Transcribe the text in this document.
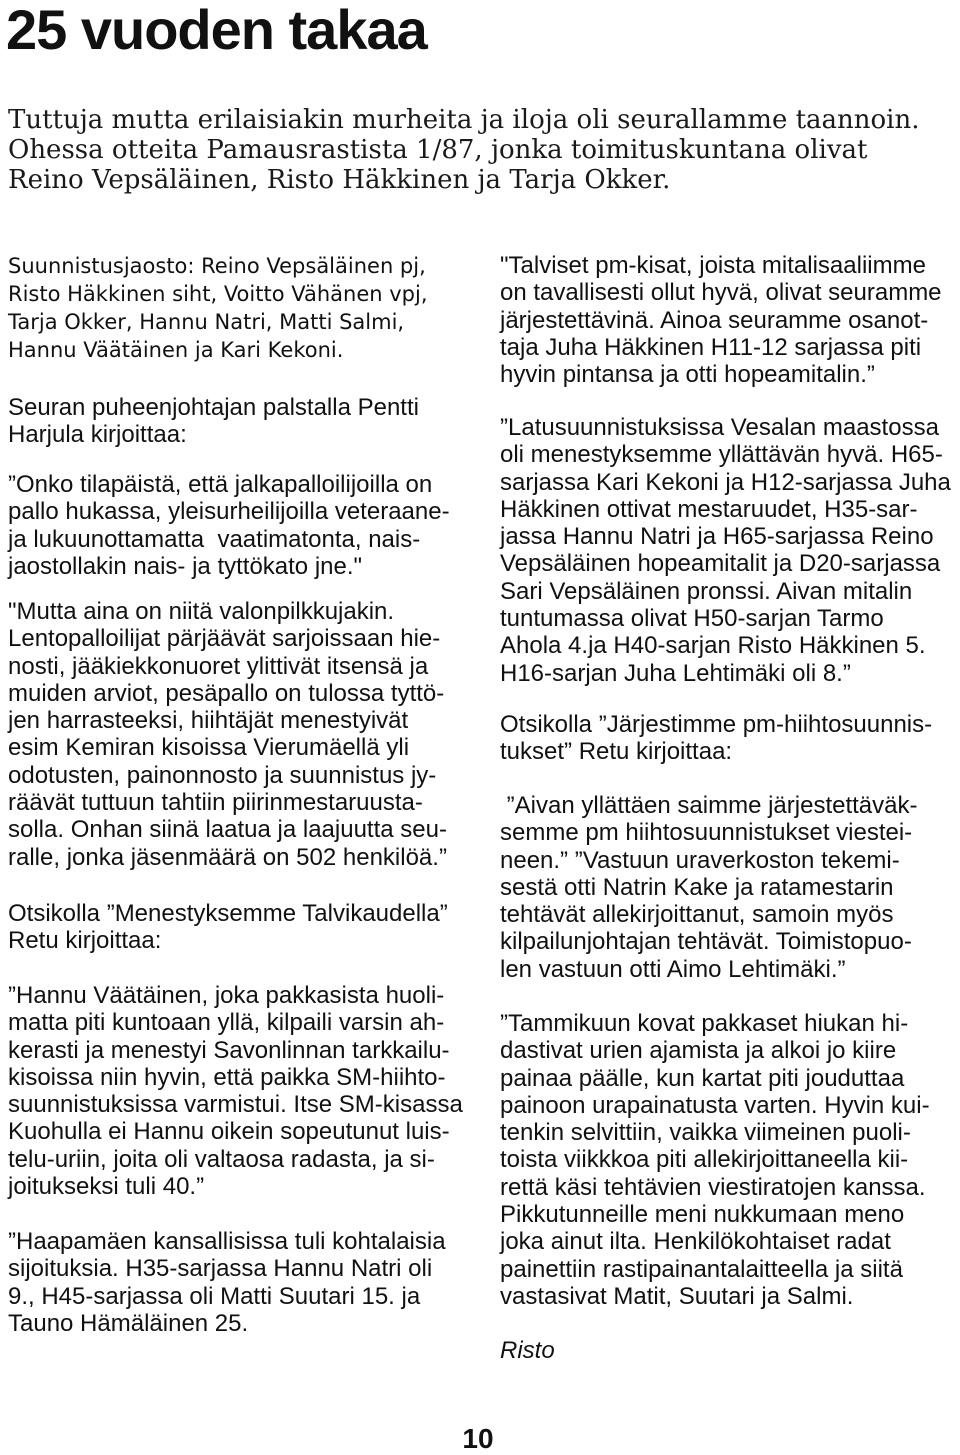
25 vuoden takaa
Tuttuja mutta erilaisiakin murheita ja iloja oli seurallamme taannoin.
Ohessa otteita Pamausrastista 1/87, jonka toimituskuntana olivat
Reino Vepsäläinen, Risto Häkkinen ja Tarja Okker.
Suunnistusjaosto: Reino Vepsäläinen pj,
Risto Häkkinen siht, Voitto Vähänen vpj,
Tarja Okker, Hannu Natri, Matti Salmi,
Hannu Väätäinen ja Kari Kekoni.
Seuran puheenjohtajan palstalla Pentti
Harjula kirjoittaa:
”Onko tilapäistä, että jalkapalloilijoilla on
pallo hukassa, yleisurheilijoilla veteraane-
ja lukuunottamatta  vaatimatonta, nais-
jaostollakin nais- ja tyttökato jne."
"Mutta aina on niitä valonpilkkujakin.
Lentopalloilijat pärjäävät sarjoissaan hie-
nosti, jääkiekkonuoret ylittivät itsensä ja
muiden arviot, pesäpallo on tulossa tyttö-
jen harrasteeksi, hiihtäjät menestyivät
esim Kemiran kisoissa Vierumäellä yli
odotusten, painonnosto ja suunnistus jy-
räävät tuttuun tahtiin piirinmestaruusta-
solla. Onhan siinä laatua ja laajuutta seu-
ralle, jonka jäsenmäärä on 502 henkilöä.”
Otsikolla ”Menestyksemme Talvikaudella”
Retu kirjoittaa:
”Hannu Väätäinen, joka pakkasista huoli-
matta piti kuntoaan yllä, kilpaili varsin ah-
kerasti ja menestyi Savonlinnan tarkkailu-
kisoissa niin hyvin, että paikka SM-hiihto-
suunnistuksissa varmistui. Itse SM-kisassa
Kuohulla ei Hannu oikein sopeutunut luis-
telu-uriin, joita oli valtaosa radasta, ja si-
joitukseksi tuli 40.”
”Haapamäen kansallisissa tuli kohtalaisia
sijoituksia. H35-sarjassa Hannu Natri oli
9., H45-sarjassa oli Matti Suutari 15. ja
Tauno Hämäläinen 25.
"Talviset pm-kisat, joista mitalisaaliimme
on tavallisesti ollut hyvä, olivat seuramme
järjestettävinä. Ainoa seuramme osanot-
taja Juha Häkkinen H11-12 sarjassa piti
hyvin pintansa ja otti hopeamitalin.”
”Latusuunnistuksissa Vesalan maastossa
oli menestyksemme yllättävän hyvä. H65-
sarjassa Kari Kekoni ja H12-sarjassa Juha
Häkkinen ottivat mestaruudet, H35-sar-
jassa Hannu Natri ja H65-sarjassa Reino
Vepsäläinen hopeamitalit ja D20-sarjassa
Sari Vepsäläinen pronssi. Aivan mitalin
tuntumassa olivat H50-sarjan Tarmo
Ahola 4.ja H40-sarjan Risto Häkkinen 5.
H16-sarjan Juha Lehtimäki oli 8.”
Otsikolla ”Järjestimme pm-hiihtosuunnis-
tukset” Retu kirjoittaa:
”Aivan yllättäen saimme järjestettäväk-
semme pm hiihtosuunnistukset viestei-
neen.” ”Vastuun uraverkoston tekemi-
sestä otti Natrin Kake ja ratamestarin
tehtävät allekirjoittanut, samoin myös
kilpailunjohtajan tehtävät. Toimistopuo-
len vastuun otti Aimo Lehtimäki.”
”Tammikuun kovat pakkaset hiukan hi-
dastivat urien ajamista ja alkoi jo kiire
painaa päälle, kun kartat piti jouduttaa
painoon urapainatusta varten. Hyvin kui-
tenkin selvittiin, vaikka viimeinen puoli-
toista viikkkoa piti allekirjoittaneella kii-
rettä käsi tehtävien viestiratojen kanssa.
Pikkutunneille meni nukkumaan meno
joka ainut ilta. Henkilökohtaiset radat
painettiin rastipainantalaitteella ja siitä
vastasivat Matit, Suutari ja Salmi.
Risto
10
